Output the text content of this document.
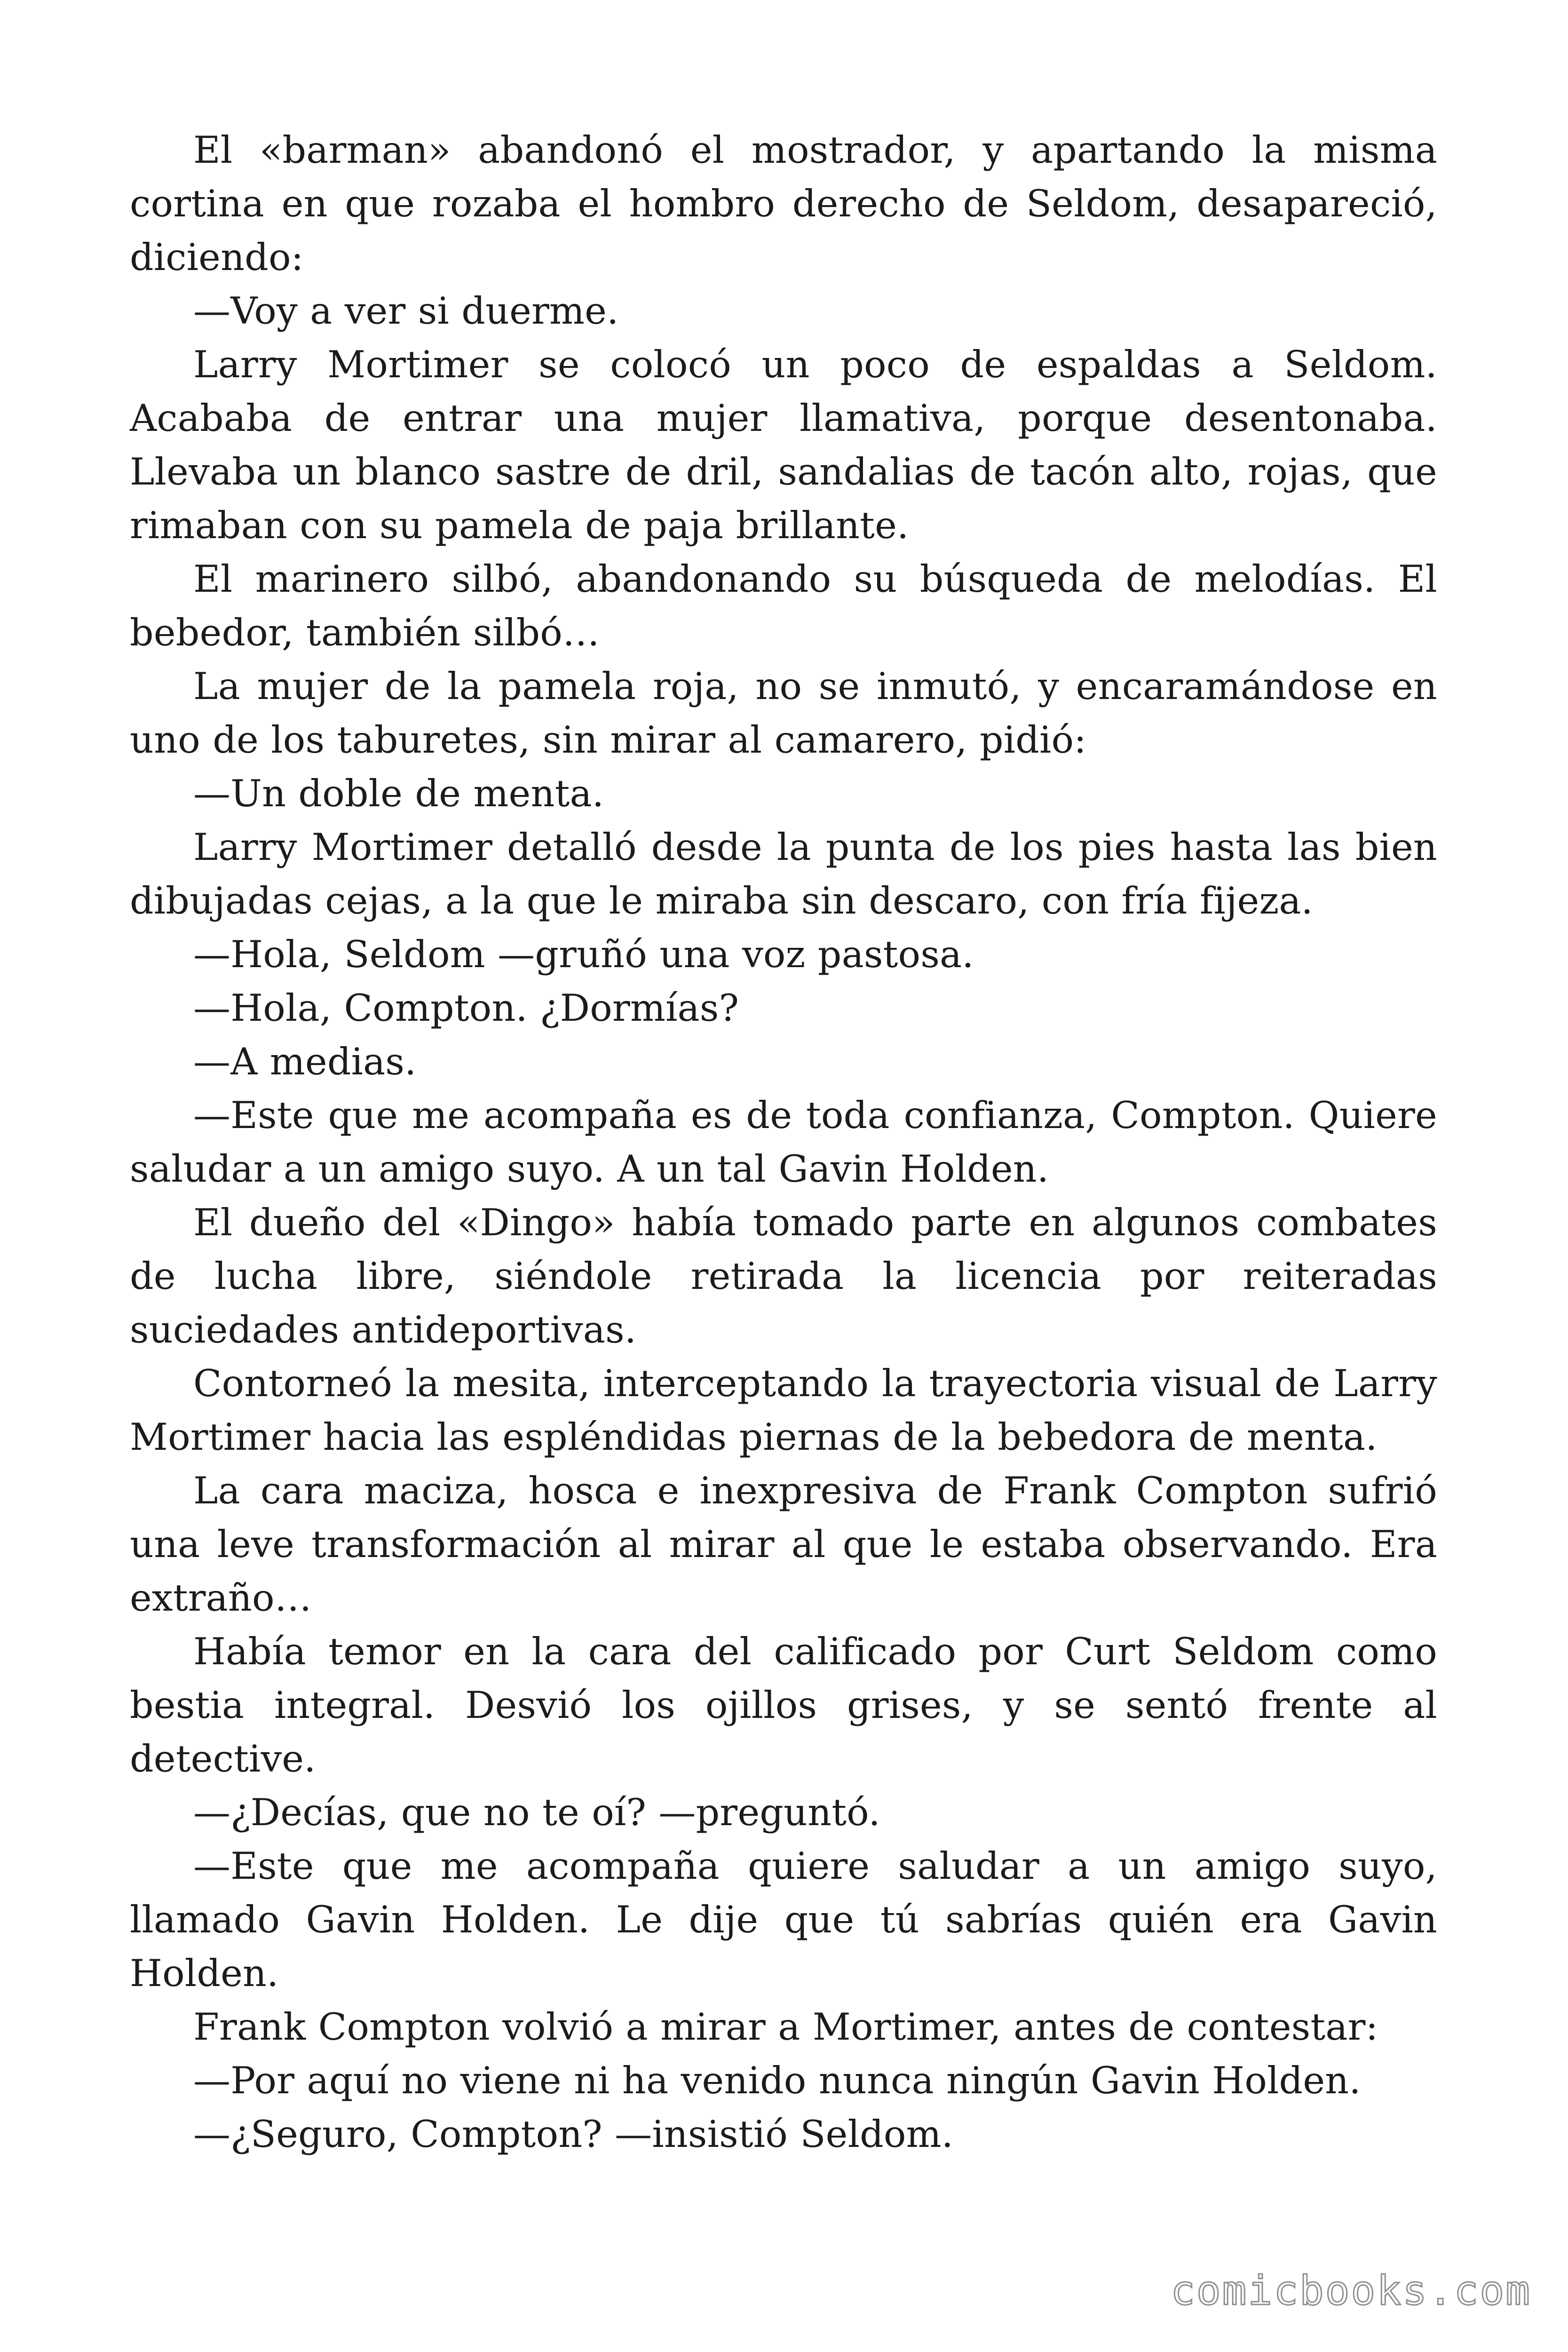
El «barman» abandonó el mostrador, y apartando la misma cortina en que rozaba el hombro derecho de Seldom, desapareció, diciendo:

—Voy a ver si duerme.

Larry Mortimer se colocó un poco de espaldas a Seldom. Acababa de entrar una mujer llamativa, porque desentonaba. Llevaba un blanco sastre de dril, sandalias de tacón alto, rojas, que rimaban con su pamela de paja brillante.

El marinero silbó, abandonando su búsqueda de melodías. El bebedor, también silbó…

La mujer de la pamela roja, no se inmutó, y encaramándose en uno de los taburetes, sin mirar al camarero, pidió:

—Un doble de menta.

Larry Mortimer detalló desde la punta de los pies hasta las bien dibujadas cejas, a la que le miraba sin descaro, con fría fijeza.

—Hola, Seldom —gruñó una voz pastosa.

—Hola, Compton. ¿Dormías?

—A medias.

—Este que me acompaña es de toda confianza, Compton. Quiere saludar a un amigo suyo. A un tal Gavin Holden.

El dueño del «Dingo» había tomado parte en algunos combates de lucha libre, siéndole retirada la licencia por reiteradas suciedades antideportivas.

Contorneó la mesita, interceptando la trayectoria visual de Larry Mortimer hacia las espléndidas piernas de la bebedora de menta.

La cara maciza, hosca e inexpresiva de Frank Compton sufrió una leve transformación al mirar al que le estaba observando. Era extraño…

Había temor en la cara del calificado por Curt Seldom como bestia integral. Desvió los ojillos grises, y se sentó frente al detective.

—¿Decías, que no te oí? —preguntó.

—Este que me acompaña quiere saludar a un amigo suyo, llamado Gavin Holden. Le dije que tú sabrías quién era Gavin Holden.

Frank Compton volvió a mirar a Mortimer, antes de contestar:

—Por aquí no viene ni ha venido nunca ningún Gavin Holden.

—¿Seguro, Compton? —insistió Seldom.

comicbooks.com
